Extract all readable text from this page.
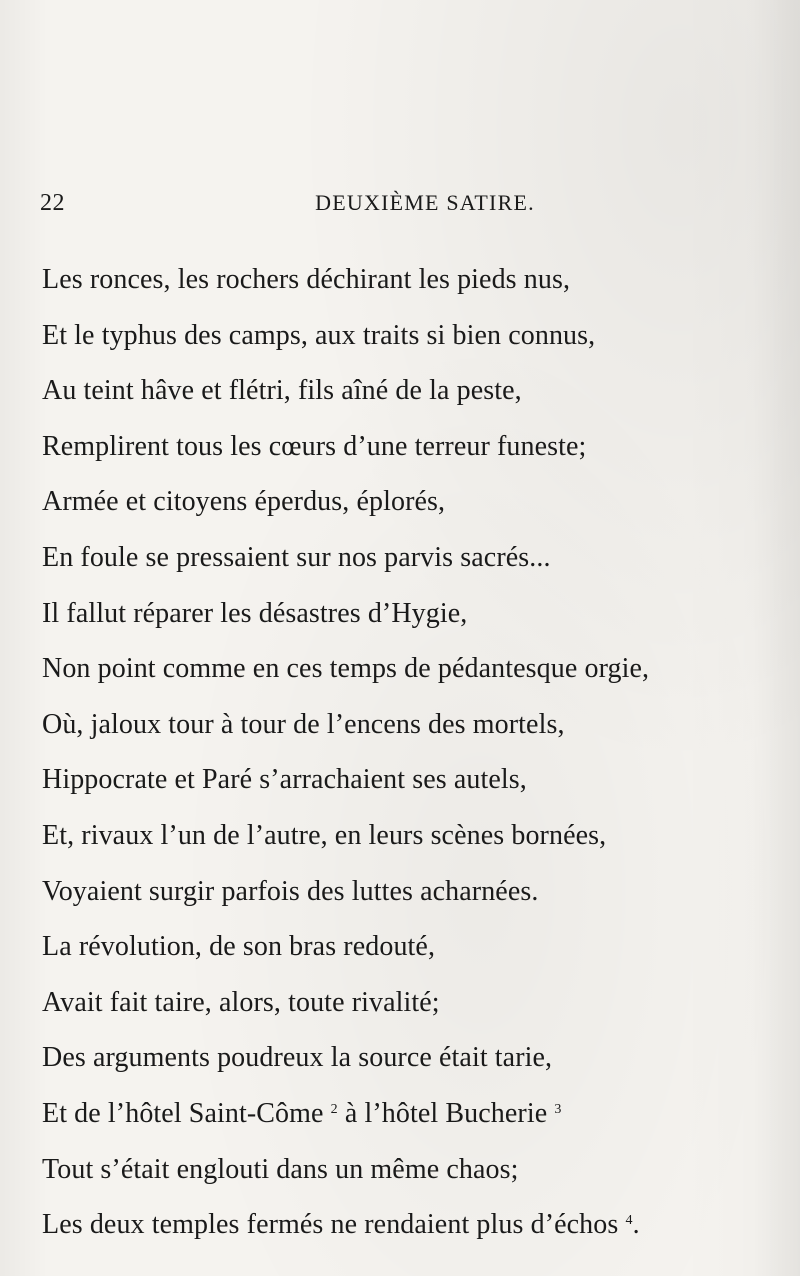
22	DEUXIÈME SATIRE.
Les ronces, les rochers déchirant les pieds nus,
Et le typhus des camps, aux traits si bien connus,
Au teint hâve et flétri, fils aîné de la peste,
Remplirent tous les cœurs d’une terreur funeste;
Armée et citoyens éperdus, éplorés,
En foule se pressaient sur nos parvis sacrés...
Il fallut réparer les désastres d’Hygie,
Non point comme en ces temps de pédantesque orgie,
Où, jaloux tour à tour de l’encens des mortels,
Hippocrate et Paré s’arrachaient ses autels,
Et, rivaux l’un de l’autre, en leurs scènes bornées,
Voyaient surgir parfois des luttes acharnées.
La révolution, de son bras redouté,
Avait fait taire, alors, toute rivalité;
Des arguments poudreux la source était tarie,
Et de l’hôtel Saint-Côme $^2$ à l’hôtel Bucherie $^3$
Tout s’était englouti dans un même chaos;
Les deux temples fermés ne rendaient plus d’échos $^4$.
